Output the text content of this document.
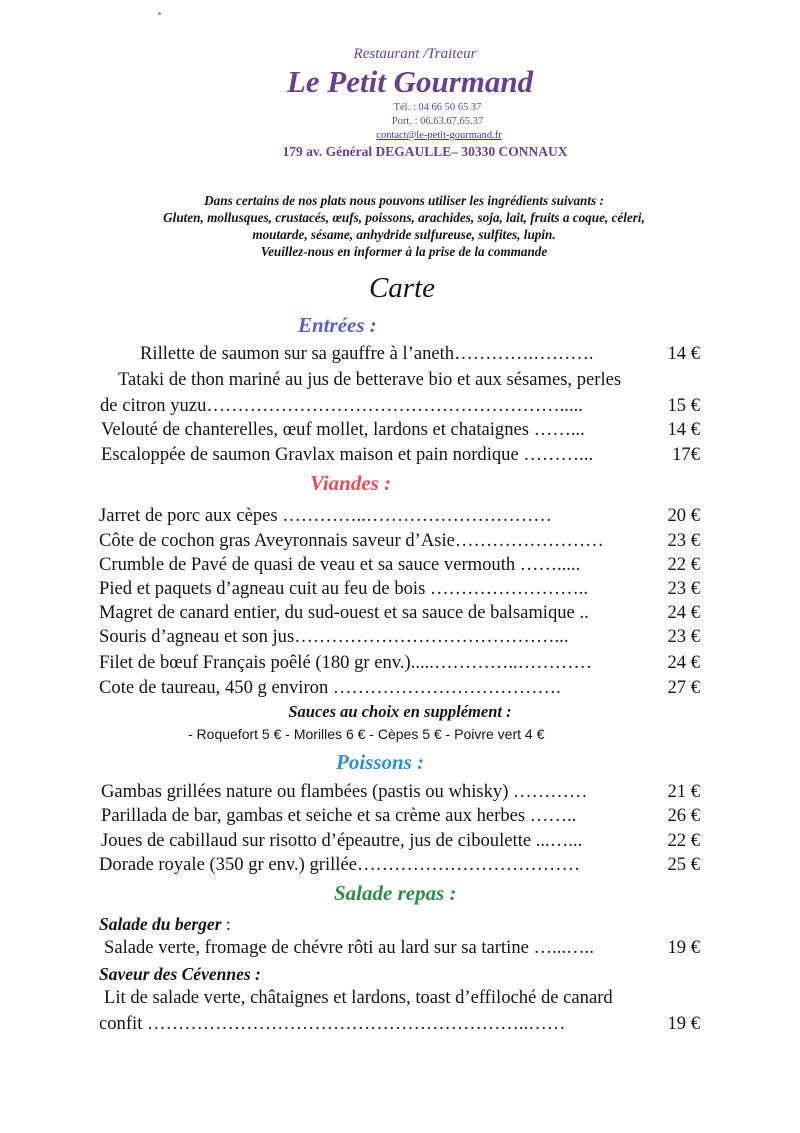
Restaurant /Traiteur
Le Petit Gourmand
Tél. : 04 66 50 65 37
Port. : 06.63.67.65.37
contact@le-petit-gourmand.fr
179 av. Général DEGAULLE– 30330 CONNAUX
Dans certains de nos plats nous pouvons utiliser les ingrédients suivants :
Gluten, mollusques, crustacés, œufs, poissons, arachides, soja, lait, fruits a coque, céleri,
moutarde, sésame, anhydride sulfureuse, sulfites, lupin.
Veuillez-nous en informer à la prise de la commande
Carte
Entrées :
Rillette de saumon sur sa gauffre à l’aneth………….……….	14 €
Tataki de thon mariné au jus de betterave bio et aux sésames, perles
de citron yuzu………………………………………………….....	15 €
Velouté de chanterelles, œuf mollet, lardons et chataignes ……...	14 €
Escaloppée de saumon Gravlax maison et pain nordique ………...	17€
Viandes :
Jarret de porc aux cèpes …………..…………………………	20 €
Côte de cochon gras Aveyronnais saveur d’Asie……………………	23 €
Crumble de Pavé de quasi de veau et sa sauce vermouth …….....	22 €
Pied et paquets d’agneau cuit au feu de bois ……………………..	23 €
Magret de canard entier, du sud-ouest et sa sauce de balsamique ..	24 €
Souris d’agneau et son jus……………………………………...	23 €
Filet de bœuf Français poêlé (180 gr env.).....…………..…………	24 €
Cote de taureau, 450 g environ ……………………………….	27 €
Sauces au choix en supplément :
- Roquefort 5 € - Morilles 6 € - Cèpes 5 € - Poivre vert 4 €
Poissons :
Gambas grillées nature ou flambées (pastis ou whisky) …………	21 €
Parillada de bar, gambas et seiche et sa crème aux herbes ……..	26 €
Joues de cabillaud sur risotto d’épeautre, jus de ciboulette ...…...	22 €
Dorade royale (350 gr env.) grillée………………………………	25 €
Salade repas :
Salade du berger :
Salade verte, fromage de chévre rôti au lard sur sa tartine …...…..	19 €
Saveur des Cévennes :
Lit de salade verte, châtaignes et lardons, toast d’effiloché de canard
confit ……………………………………………………..……	19 €
